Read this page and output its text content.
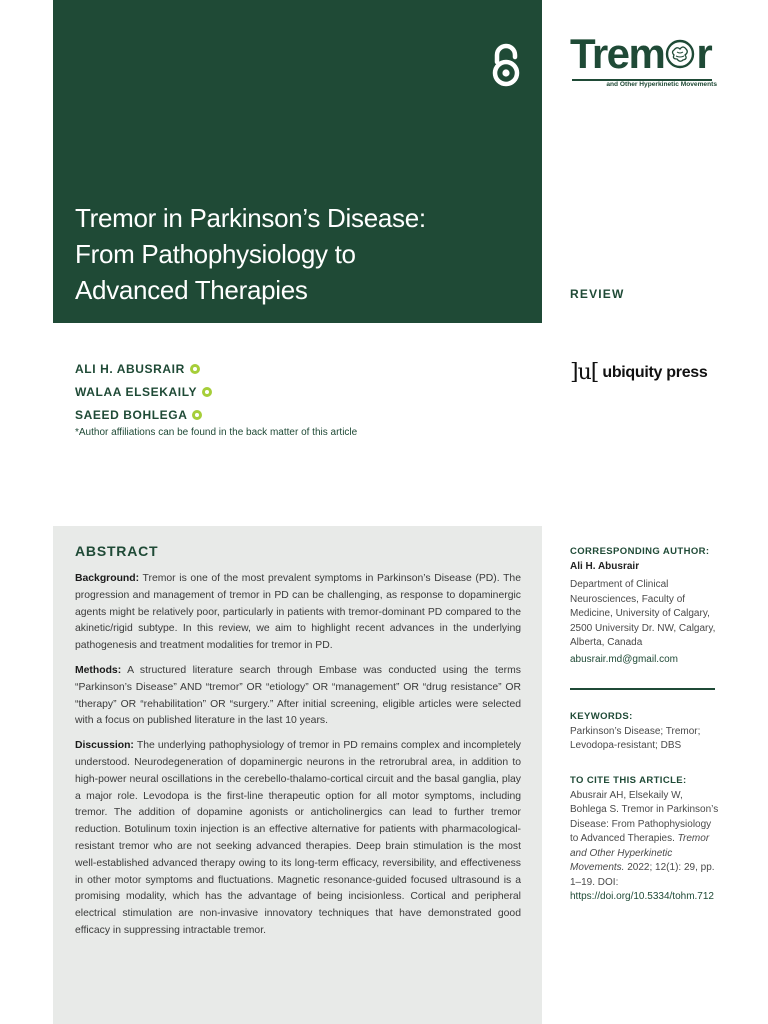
Tremor in Parkinson’s Disease:
From Pathophysiology to
Advanced Therapies
Trem r
and Other Hyperkinetic Movements
REVIEW
ALI H. ABUSRAIR
WALAA ELSEKAILY
SAEED BOHLEGA
*Author affiliations can be found in the back matter of this article
]u[ ubiquity press
ABSTRACT

Background: Tremor is one of the most prevalent symptoms in Parkinson’s Disease (PD). The progression and management of tremor in PD can be challenging, as response to dopaminergic agents might be relatively poor, particularly in patients with tremor-dominant PD compared to the akinetic/rigid subtype. In this review, we aim to highlight recent advances in the underlying pathogenesis and treatment modalities for tremor in PD.

Methods: A structured literature search through Embase was conducted using the terms “Parkinson’s Disease” AND “tremor” OR “etiology” OR “management” OR “drug resistance” OR “therapy” OR “rehabilitation” OR “surgery.” After initial screening, eligible articles were selected with a focus on published literature in the last 10 years.

Discussion: The underlying pathophysiology of tremor in PD remains complex and incompletely understood. Neurodegeneration of dopaminergic neurons in the retrorubral area, in addition to high-power neural oscillations in the cerebello-thalamo-cortical circuit and the basal ganglia, play a major role. Levodopa is the first-line therapeutic option for all motor symptoms, including tremor. The addition of dopamine agonists or anticholinergics can lead to further tremor reduction. Botulinum toxin injection is an effective alternative for patients with pharmacological-resistant tremor who are not seeking advanced therapies. Deep brain stimulation is the most well-established advanced therapy owing to its long-term efficacy, reversibility, and effectiveness in other motor symptoms and fluctuations. Magnetic resonance-guided focused ultrasound is a promising modality, which has the advantage of being incisionless. Cortical and peripheral electrical stimulation are non-invasive innovatory techniques that have demonstrated good efficacy in suppressing intractable tremor.

CORRESPONDING AUTHOR:
Ali H. Abusrair
Department of Clinical Neurosciences, Faculty of Medicine, University of Calgary, 2500 University Dr. NW, Calgary, Alberta, Canada
abusrair.md@gmail.com
KEYWORDS:
Parkinson’s Disease; Tremor; Levodopa-resistant; DBS
TO CITE THIS ARTICLE:
Abusrair AH, Elsekaily W, Bohlega S. Tremor in Parkinson’s Disease: From Pathophysiology to Advanced Therapies. Tremor and Other Hyperkinetic Movements. 2022; 12(1): 29, pp. 1–19. DOI: https://doi.org/10.5334/tohm.712
